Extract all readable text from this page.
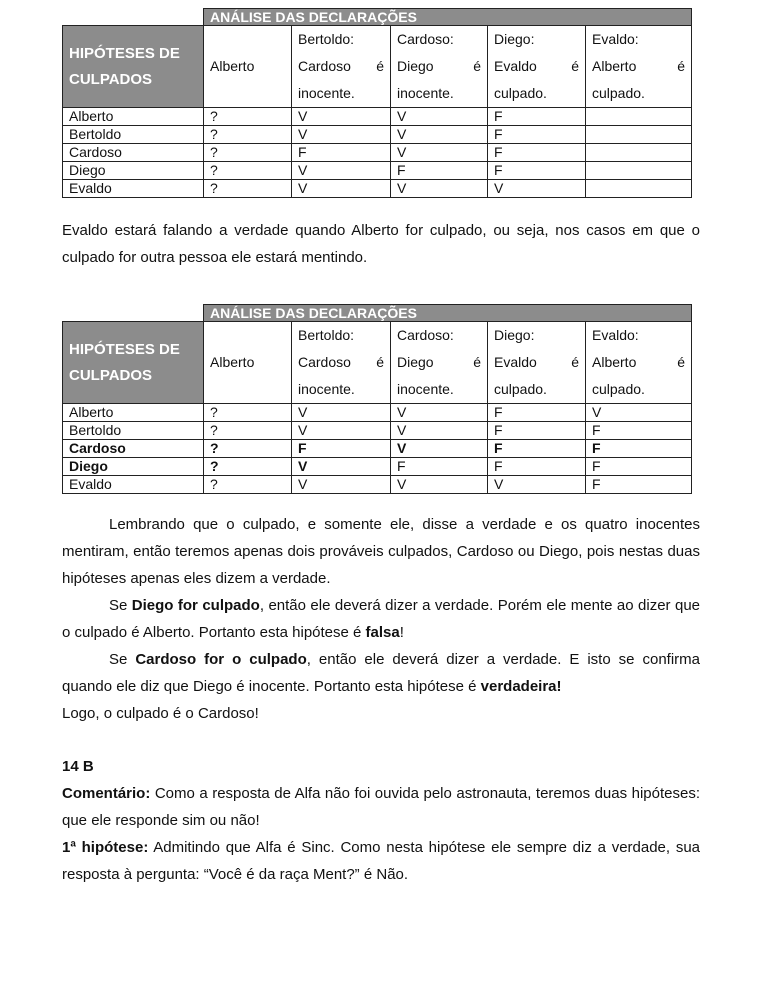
	ANÁLISE DAS DECLARAÇÕES				
HIPÓTESES DE CULPADOS	Alberto	Bertoldo: Cardoso é inocente.	Cardoso: Diego é inocente.	Diego: Evaldo é culpado.	Evaldo: Alberto é culpado.

Alberto	?	V	V	F	
Bertoldo	?	V	V	F	
Cardoso	?	F	V	F	
Diego	?	V	F	F	
Evaldo	?	V	V	V	

Evaldo estará falando a verdade quando Alberto for culpado, ou seja, nos casos em que o culpado for outra pessoa ele estará mentindo.

	ANÁLISE DAS DECLARAÇÕES				
HIPÓTESES DE CULPADOS	Alberto	Bertoldo: Cardoso é inocente.	Cardoso: Diego é inocente.	Diego: Evaldo é culpado.	Evaldo: Alberto é culpado.

Alberto	?	V	V	F	V
Bertoldo	?	V	V	F	F
Cardoso	?	F	V	F	F
Diego	?	V	F	F	F
Evaldo	?	V	V	V	F

Lembrando que o culpado, e somente ele, disse a verdade e os quatro inocentes mentiram, então teremos apenas dois prováveis culpados, Cardoso ou Diego, pois nestas duas hipóteses apenas eles dizem a verdade.

Se Diego for culpado, então ele deverá dizer a verdade. Porém ele mente ao dizer que o culpado é Alberto. Portanto esta hipótese é falsa!

Se Cardoso for o culpado, então ele deverá dizer a verdade. E isto se confirma quando ele diz que Diego é inocente. Portanto esta hipótese é verdadeira!

Logo, o culpado é o Cardoso!

14 B

Comentário: Como a resposta de Alfa não foi ouvida pelo astronauta, teremos duas hipóteses: que ele responde sim ou não!

1ª hipótese: Admitindo que Alfa é Sinc. Como nesta hipótese ele sempre diz a verdade, sua resposta à pergunta: “Você é da raça Ment?” é Não.
